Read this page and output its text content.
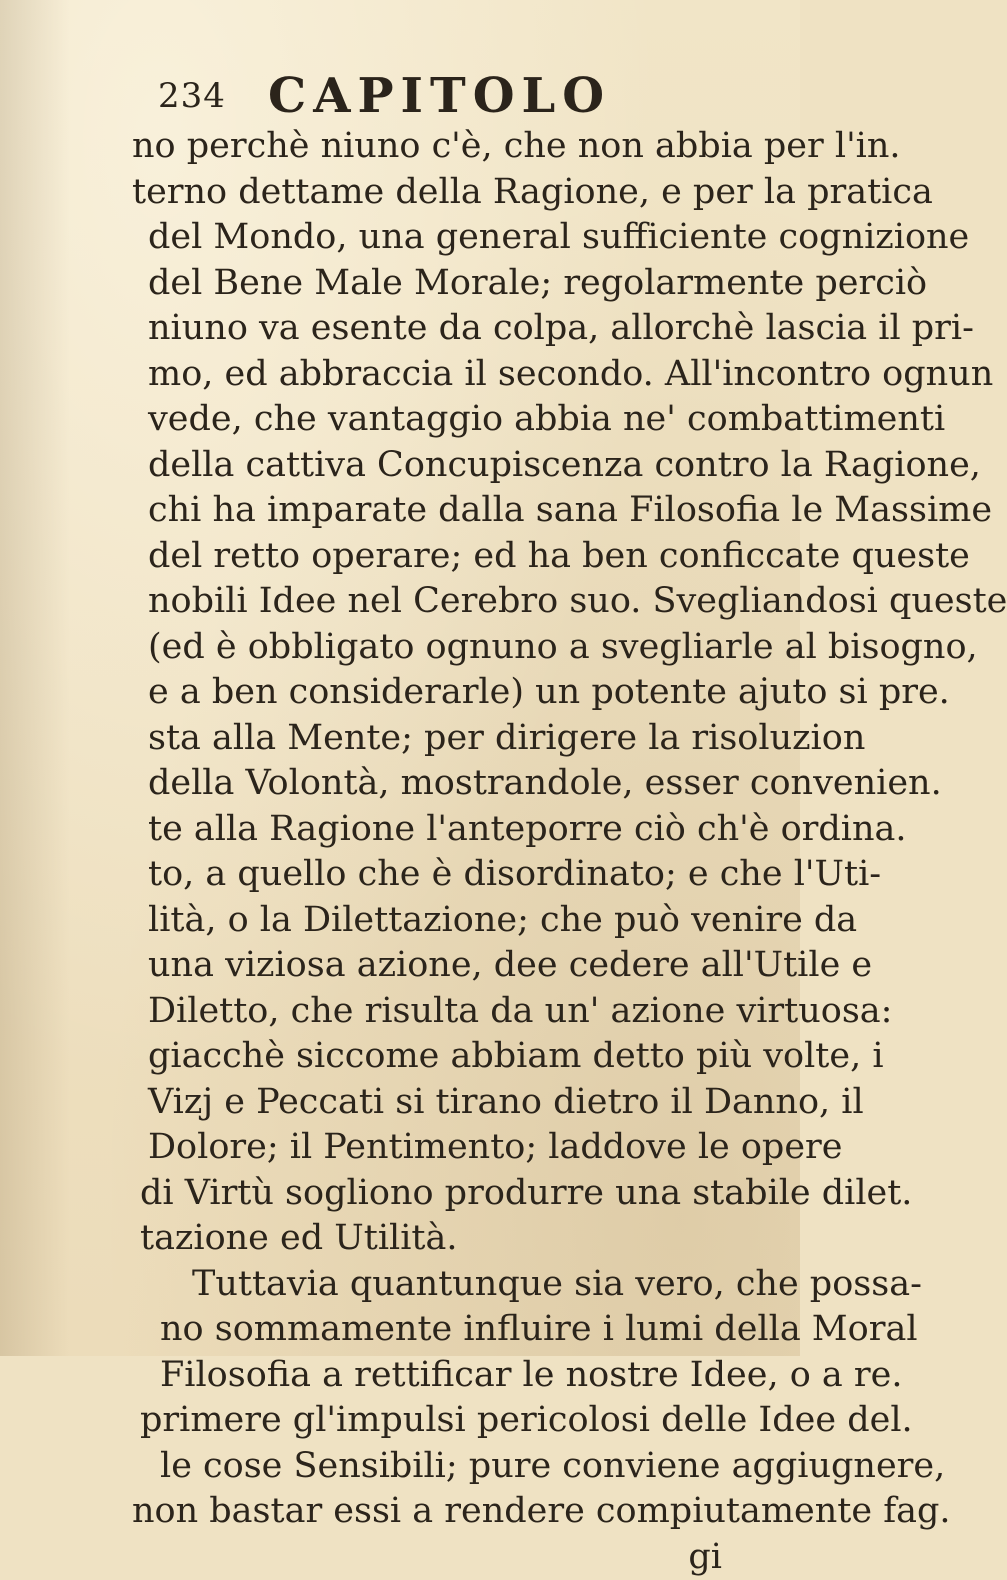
234 CAPITOLO
no perchè niuno c'è, che non abbia per l'in.
terno dettame della Ragione, e per la pratica
del Mondo, una general sufficiente cognizione
del Bene Male Morale; regolarmente perciò
niuno va esente da colpa, allorchè lascia il pri-
mo, ed abbraccia il secondo. All'incontro ognun
vede, che vantaggio abbia ne' combattimenti
della cattiva Concupiscenza contro la Ragione,
chi ha imparate dalla sana Filosofia le Massime
del retto operare; ed ha ben conficcate queste
nobili Idee nel Cerebro suo. Svegliandosi queste
(ed è obbligato ognuno a svegliarle al bisogno,
e a ben considerarle) un potente ajuto si pre.
sta alla Mente; per dirigere la risoluzion
della Volontà, mostrandole, esser convenien.
te alla Ragione l'anteporre ciò ch'è ordina.
to, a quello che è disordinato; e che l'Uti-
lità, o la Dilettazione; che può venire da
una viziosa azione, dee cedere all'Utile e
Diletto, che risulta da un' azione virtuosa:
giacchè siccome abbiam detto più volte, i
Vizj e Peccati si tirano dietro il Danno, il
Dolore; il Pentimento; laddove le opere
di Virtù sogliono produrre una stabile dilet.
tazione ed Utilità.
Tuttavia quantunque sia vero, che possa-
no sommamente influire i lumi della Moral
Filosofia a rettificar le nostre Idee, o a re.
primere gl'impulsi pericolosi delle Idee del.
le cose Sensibili; pure conviene aggiugnere,
non bastar essi a rendere compiutamente fag.
gi
